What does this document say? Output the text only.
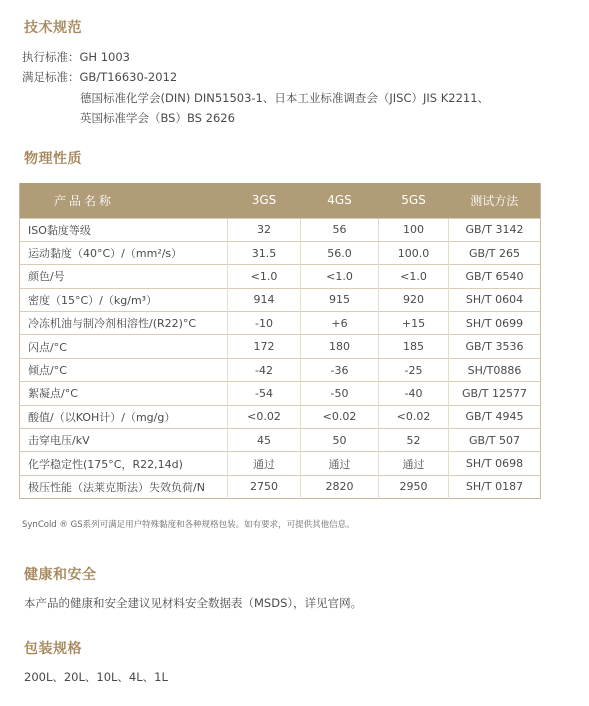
技术规范
执行标准：GH 1003
满足标准：GB/T16630-2012
德国标准化学会(DIN) DIN51503-1、日本工业标准调查会（JISC）JIS K2211、
英国标准学会（BS）BS 2626
物理性质
产品名称	3GS	4GS	5GS	测试方法
ISO黏度等级	32	56	100	GB/T 3142
运动黏度（40°C）/（mm²/s）	31.5	56.0	100.0	GB/T 265
颜色/号	<1.0	<1.0	<1.0	GB/T 6540
密度（15°C）/（kg/m³）	914	915	920	SH/T 0604
冷冻机油与制冷剂相溶性/(R22)°C	-10	+6	+15	SH/T 0699
闪点/°C	172	180	185	GB/T 3536
倾点/°C	-42	-36	-25	SH/T0886
絮凝点/°C	-54	-50	-40	GB/T 12577
酸值/（以KOH计）/（mg/g）	<0.02	<0.02	<0.02	GB/T 4945
击穿电压/kV	45	50	52	GB/T 507
化学稳定性(175°C，R22,14d)	通过	通过	通过	SH/T 0698
极压性能（法莱克斯法）失效负荷/N	2750	2820	2950	SH/T 0187
SynCold ® GS系列可满足用户特殊黏度和各种规格包装。如有要求，可提供其他信息。
健康和安全
本产品的健康和安全建议见材料安全数据表（MSDS），详见官网。
包装规格
200L、20L、10L、4L、1L
